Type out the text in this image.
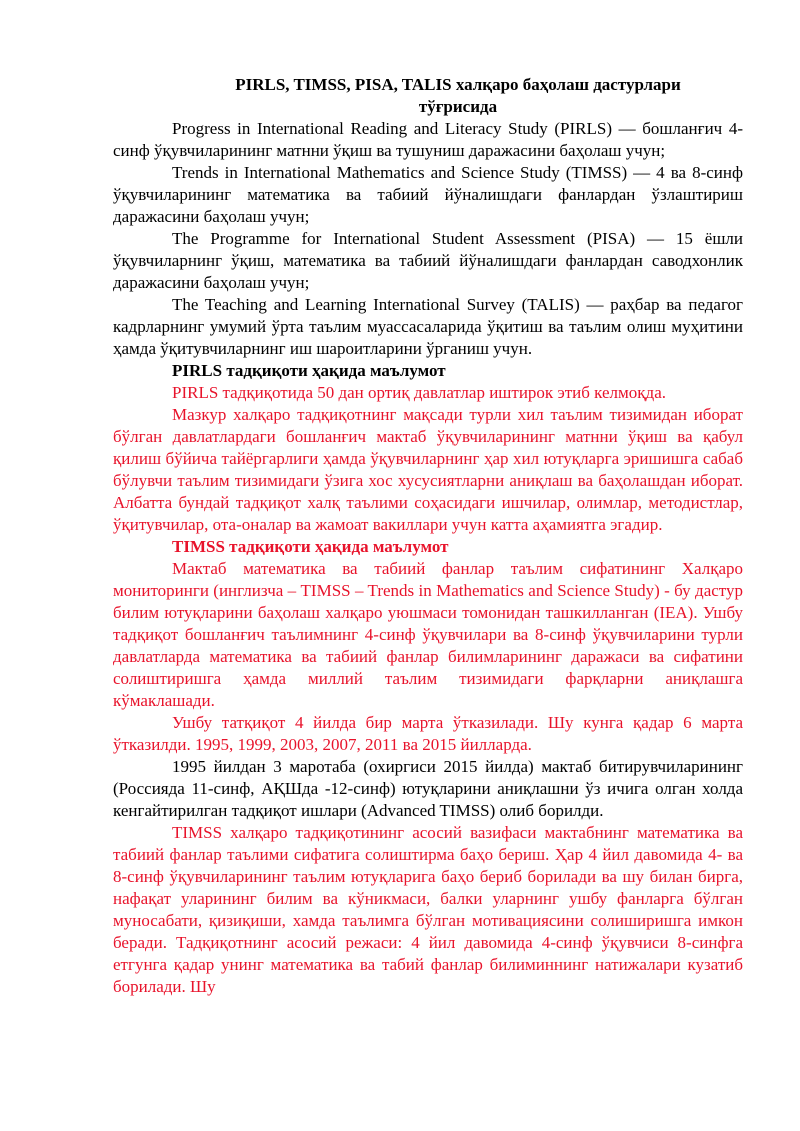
PIRLS, TIMSS, PISA, TALIS халқаро баҳолаш дастурлари
тўғрисида

Progress in International Reading and Literacy Study (PIRLS) — бошланғич 4-синф ўқувчиларининг матнни ўқиш ва тушуниш даражасини баҳолаш учун;

Trends in International Mathematics and Science Study (TIMSS) — 4 ва 8-синф ўқувчиларининг математика ва табиий йўналишдаги фанлардан ўзлаштириш даражасини баҳолаш учун;

The Programme for International Student Assessment (PISA) — 15 ёшли ўқувчиларнинг ўқиш, математика ва табиий йўналишдаги фанлардан саводхонлик даражасини баҳолаш учун;

The Teaching and Learning International Survey (TALIS) — раҳбар ва педагог кадрларнинг умумий ўрта таълим муассасаларида ўқитиш ва таълим олиш муҳитини ҳамда ўқитувчиларнинг иш шароитларини ўрганиш учун.

PIRLS тадқиқоти ҳақида маълумот

PIRLS тадқиқотида 50 дан ортиқ давлатлар иштирок этиб келмоқда.

Мазкур халқаро тадқиқотнинг мақсади турли хил таълим тизимидан иборат бўлган давлатлардаги бошланғич мактаб ўқувчиларининг матнни ўқиш ва қабул қилиш бўйича тайёргарлиги ҳамда ўқувчиларнинг ҳар хил ютуқларга эришишга сабаб бўлувчи таълим тизимидаги ўзига хос хусусиятларни аниқлаш ва баҳолашдан иборат. Албатта бундай тадқиқот халқ таълими соҳасидаги ишчилар, олимлар, методистлар, ўқитувчилар, ота-оналар ва жамоат вакиллари учун катта аҳамиятга эгадир.

TIMSS тадқиқоти ҳақида маълумот

Мактаб математика ва табиий фанлар таълим сифатининг Халқаро мониторинги (инглизча – TIMSS – Trends in Mathematics and Science Study) - бу дастур билим ютуқларини баҳолаш халқаро уюшмаси томонидан ташкилланган (IEA). Ушбу тадқиқот бошланғич таълимнинг 4-синф ўқувчилари ва 8-синф ўқувчиларини турли давлатларда математика ва табиий фанлар билимларининг даражаси ва сифатини солиштиришга ҳамда миллий таълим тизимидаги фарқларни аниқлашга кўмаклашади.

Ушбу татқиқот 4 йилда бир марта ўтказилади. Шу кунга қадар 6 марта ўтказилди. 1995, 1999, 2003, 2007, 2011 ва 2015 йилларда.

1995 йилдан 3 маротаба (охиргиси 2015 йилда) мактаб битирувчиларининг (Россияда 11-синф, АҚШда -12-синф) ютуқларини аниқлашни ўз ичига олган холда кенгайтирилган тадқиқот ишлари (Advanced TIMSS) олиб борилди.

TIMSS халқаро тадқиқотининг асосий вазифаси мактабнинг математика ва табиий фанлар таълими сифатига солиштирма баҳо бериш. Ҳар 4 йил давомида 4- ва 8-синф ўқувчиларининг таълим ютуқларига баҳо бериб борилади ва шу билан бирга, нафақат уларининг билим ва кўникмаси, балки уларнинг ушбу фанларга бўлган муносабати, қизиқиши, хамда таълимга бўлган мотивациясини солиширишга имкон беради. Тадқиқотнинг асосий режаси: 4 йил давомида 4-синф ўқувчиси 8-синфга етгунга қадар унинг математика ва табий фанлар билиминнинг натижалари кузатиб борилади. Шу
